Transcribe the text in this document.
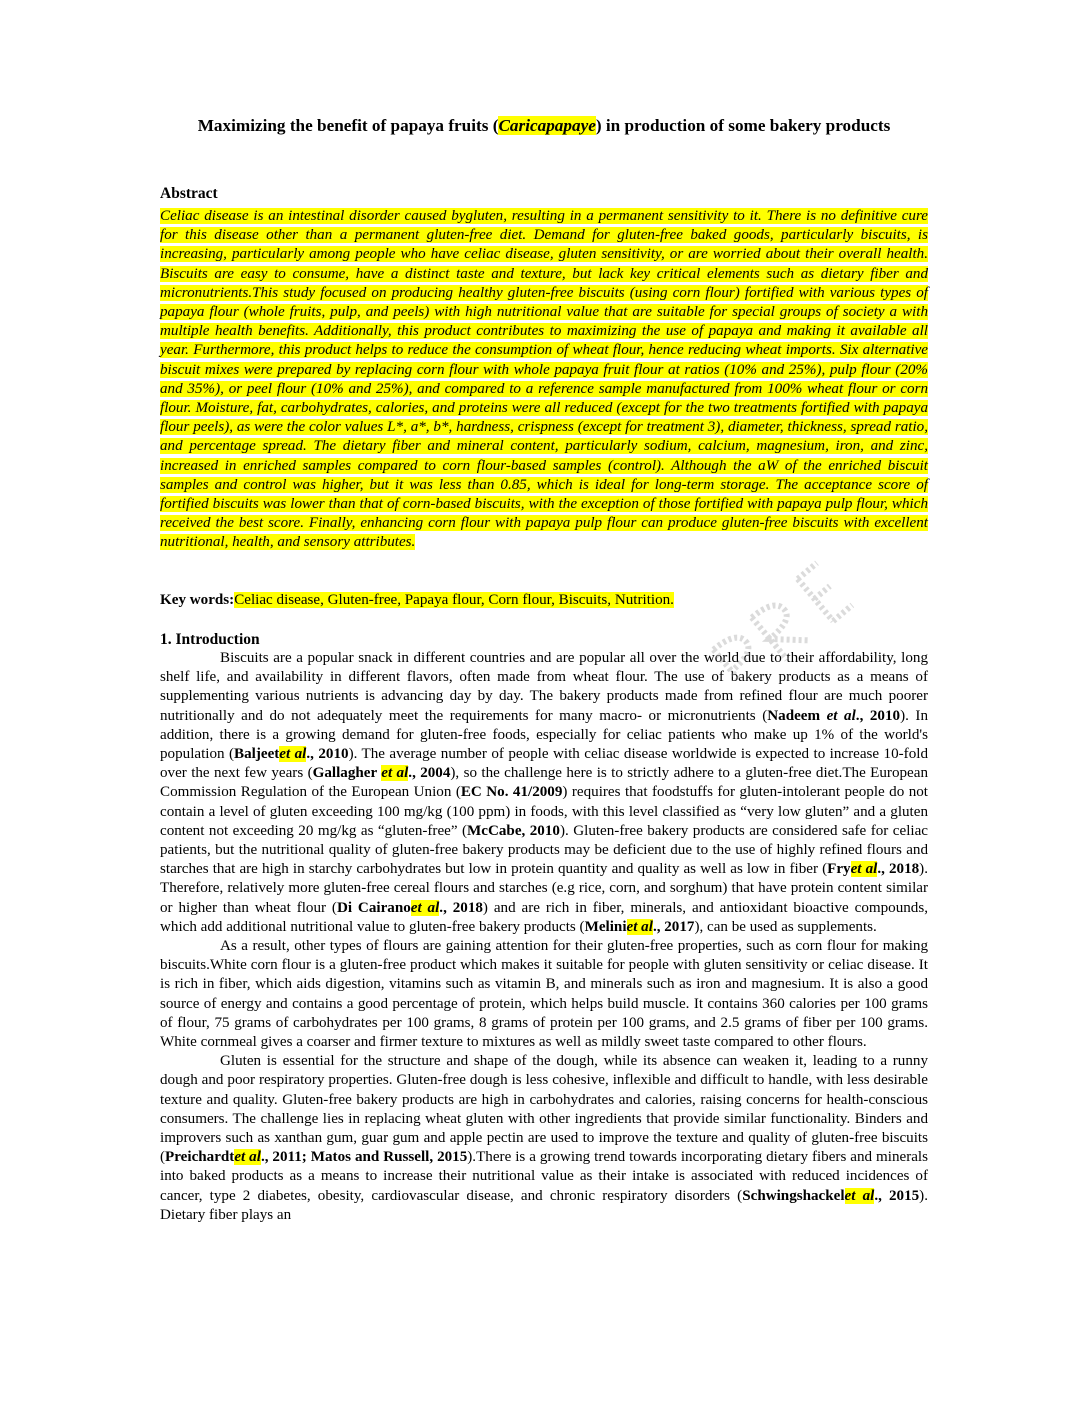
Maximizing the benefit of papaya fruits (Caricapapaye) in production of some bakery products
Abstract

Celiac disease is an intestinal disorder caused bygluten, resulting in a permanent sensitivity to it. There is no definitive cure for this disease other than a permanent gluten-free diet. Demand for gluten-free baked goods, particularly biscuits, is increasing, particularly among people who have celiac disease, gluten sensitivity, or are worried about their overall health. Biscuits are easy to consume, have a distinct taste and texture, but lack key critical elements such as dietary fiber and micronutrients.This study focused on producing healthy gluten-free biscuits (using corn flour) fortified with various types of papaya flour (whole fruits, pulp, and peels) with high nutritional value that are suitable for special groups of society a with multiple health benefits. Additionally, this product contributes to maximizing the use of papaya and making it available all year. Furthermore, this product helps to reduce the consumption of wheat flour, hence reducing wheat imports. Six alternative biscuit mixes were prepared by replacing corn flour with whole papaya fruit flour at ratios (10% and 25%), pulp flour (20% and 35%), or peel flour (10% and 25%), and compared to a reference sample manufactured from 100% wheat flour or corn flour. Moisture, fat, carbohydrates, calories, and proteins were all reduced (except for the two treatments fortified with papaya flour peels), as were the color values L*, a*, b*, hardness, crispness (except for treatment 3), diameter, thickness, spread ratio, and percentage spread. The dietary fiber and mineral content, particularly sodium, calcium, magnesium, iron, and zinc, increased in enriched samples compared to corn flour-based samples (control). Although the aW of the enriched biscuit samples and control was higher, but it was less than 0.85, which is ideal for long-term storage. The acceptance score of fortified biscuits was lower than that of corn-based biscuits, with the exception of those fortified with papaya pulp flour, which received the best score. Finally, enhancing corn flour with papaya pulp flour can produce gluten-free biscuits with excellent nutritional, health, and sensory attributes.

Key words:Celiac disease, Gluten-free, Papaya flour, Corn flour, Biscuits, Nutrition.
1. Introduction

Biscuits are a popular snack in different countries and are popular all over the world due to their affordability, long shelf life, and availability in different flavors, often made from wheat flour. The use of bakery products as a means of supplementing various nutrients is advancing day by day. The bakery products made from refined flour are much poorer nutritionally and do not adequately meet the requirements for many macro- or micronutrients (Nadeem et al., 2010). In addition, there is a growing demand for gluten-free foods, especially for celiac patients who make up 1% of the world's population (Baljeetet al., 2010). The average number of people with celiac disease worldwide is expected to increase 10-fold over the next few years (Gallagher et al., 2004), so the challenge here is to strictly adhere to a gluten-free diet.The European Commission Regulation of the European Union (EC No. 41/2009) requires that foodstuffs for gluten-intolerant people do not contain a level of gluten exceeding 100 mg/kg (100 ppm) in foods, with this level classified as “very low gluten” and a gluten content not exceeding 20 mg/kg as “gluten-free” (McCabe, 2010). Gluten-free bakery products are considered safe for celiac patients, but the nutritional quality of gluten-free bakery products may be deficient due to the use of highly refined flours and starches that are high in starchy carbohydrates but low in protein quantity and quality as well as low in fiber (Fryet al., 2018). Therefore, relatively more gluten-free cereal flours and starches (e.g rice, corn, and sorghum) that have protein content similar or higher than wheat flour (Di Cairanoet al., 2018) and are rich in fiber, minerals, and antioxidant bioactive compounds, which add additional nutritional value to gluten-free bakery products (Meliniet al., 2017), can be used as supplements.

As a result, other types of flours are gaining attention for their gluten-free properties, such as corn flour for making biscuits.White corn flour is a gluten-free product which makes it suitable for people with gluten sensitivity or celiac disease. It is rich in fiber, which aids digestion, vitamins such as vitamin B, and minerals such as iron and magnesium. It is also a good source of energy and contains a good percentage of protein, which helps build muscle. It contains 360 calories per 100 grams of flour, 75 grams of carbohydrates per 100 grams, 8 grams of protein per 100 grams, and 2.5 grams of fiber per 100 grams. White cornmeal gives a coarser and firmer texture to mixtures as well as mildly sweet taste compared to other flours.

Gluten is essential for the structure and shape of the dough, while its absence can weaken it, leading to a runny dough and poor respiratory properties. Gluten-free dough is less cohesive, inflexible and difficult to handle, with less desirable texture and quality. Gluten-free bakery products are high in carbohydrates and calories, raising concerns for health-conscious consumers. The challenge lies in replacing wheat gluten with other ingredients that provide similar functionality. Binders and improvers such as xanthan gum, guar gum and apple pectin are used to improve the texture and quality of gluten-free biscuits (Preichardtet al., 2011; Matos and Russell, 2015).There is a growing trend towards incorporating dietary fibers and minerals into baked products as a means to increase their nutritional value as their intake is associated with reduced incidences of cancer, type 2 diabetes, obesity, cardiovascular disease, and chronic respiratory disorders (Schwingshackelet al., 2015). Dietary fiber plays an
